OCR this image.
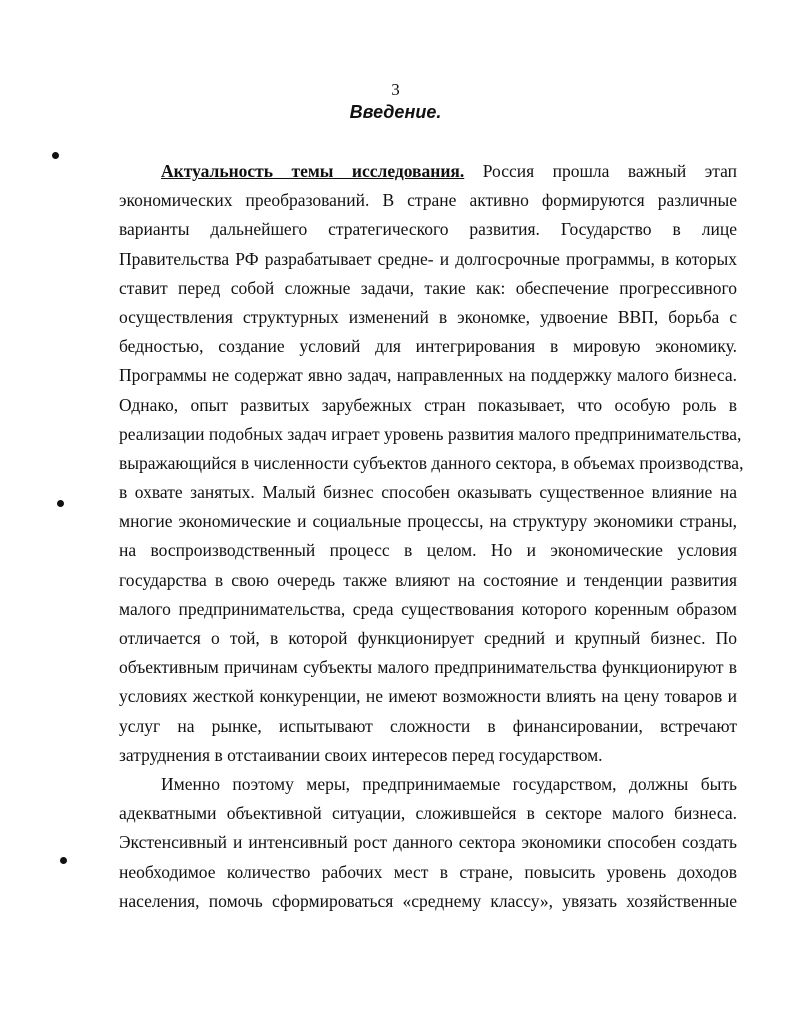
3
Введение.
Актуальность темы исследования. Россия прошла важный этап
экономических преобразований. В стране активно формируются различные
варианты дальнейшего стратегического развития. Государство в лице
Правительства РФ разрабатывает средне- и долгосрочные программы, в которых
ставит перед собой сложные задачи, такие как: обеспечение прогрессивного
осуществления структурных изменений в экономке, удвоение ВВП, борьба с
бедностью, создание условий для интегрирования в мировую экономику.
Программы не содержат явно задач, направленных на поддержку малого бизнеса.
Однако, опыт развитых зарубежных стран показывает, что особую роль в
реализации подобных задач играет уровень развития малого предпринимательства,
выражающийся в численности субъектов данного сектора, в объемах производства,
в охвате занятых. Малый бизнес способен оказывать существенное влияние на
многие экономические и социальные процессы, на структуру экономики страны,
на воспроизводственный процесс в целом. Но и экономические условия
государства в свою очередь также влияют на состояние и тенденции развития
малого предпринимательства, среда существования которого коренным образом
отличается о той, в которой функционирует средний и крупный бизнес. По
объективным причинам субъекты малого предпринимательства функционируют в
условиях жесткой конкуренции, не имеют возможности влиять на цену товаров и
услуг на рынке, испытывают сложности в финансировании, встречают
затруднения в отстаивании своих интересов перед государством.
Именно поэтому меры, предпринимаемые государством, должны быть
адекватными объективной ситуации, сложившейся в секторе малого бизнеса.
Экстенсивный и интенсивный рост данного сектора экономики способен создать
необходимое количество рабочих мест в стране, повысить уровень доходов
населения, помочь сформироваться «среднему классу», увязать хозяйственные
